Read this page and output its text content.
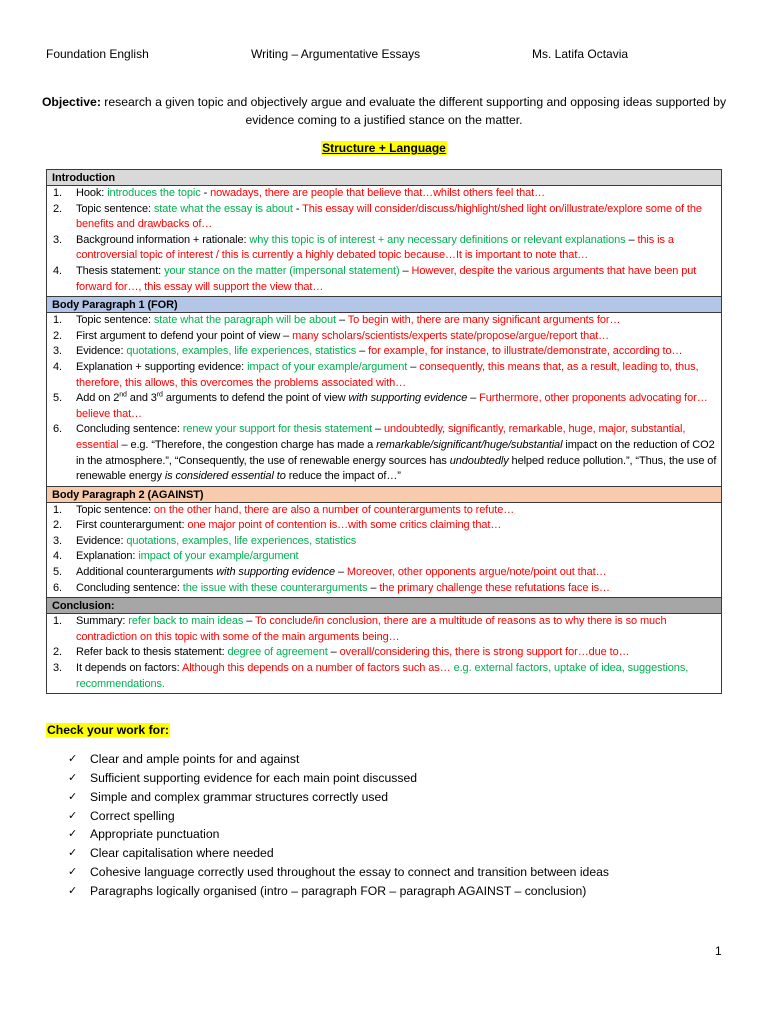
Foundation English	Writing – Argumentative Essays	Ms. Latifa Octavia

Objective: research a given topic and objectively argue and evaluate the different supporting and opposing ideas supported by evidence coming to a justified stance on the matter.

Structure + Language
Introduction
1.	Hook: introduces the topic - nowadays, there are people that believe that…whilst others feel that…
2.	Topic sentence: state what the essay is about - This essay will consider/discuss/highlight/shed light on/illustrate/explore some of the benefits and drawbacks of…
3.	Background information + rationale: why this topic is of interest + any necessary definitions or relevant explanations – this is a controversial topic of interest / this is currently a highly debated topic because…It is important to note that…
4.	Thesis statement: your stance on the matter (impersonal statement) – However, despite the various arguments that have been put forward for…, this essay will support the view that…
Body Paragraph 1 (FOR)
1.	Topic sentence: state what the paragraph will be about – To begin with, there are many significant arguments for…
2.	First argument to defend your point of view – many scholars/scientists/experts state/propose/argue/report that…
3.	Evidence: quotations, examples, life experiences, statistics – for example, for instance, to illustrate/demonstrate, according to…
4.	Explanation + supporting evidence: impact of your example/argument – consequently, this means that, as a result, leading to, thus, therefore, this allows, this overcomes the problems associated with…
5.	Add on 2nd and 3rd arguments to defend the point of view with supporting evidence – Furthermore, other proponents advocating for…believe that…
6.	Concluding sentence: renew your support for thesis statement – undoubtedly, significantly, remarkable, huge, major, substantial, essential – e.g. “Therefore, the congestion charge has made a remarkable/significant/huge/substantial impact on the reduction of CO2 in the atmosphere.”, “Consequently, the use of renewable energy sources has undoubtedly helped reduce pollution.”, “Thus, the use of renewable energy is considered essential to reduce the impact of…”
Body Paragraph 2 (AGAINST)
1.	Topic sentence: on the other hand, there are also a number of counterarguments to refute…
2.	First counterargument: one major point of contention is…with some critics claiming that…
3.	Evidence: quotations, examples, life experiences, statistics
4.	Explanation: impact of your example/argument
5.	Additional counterarguments with supporting evidence – Moreover, other opponents argue/note/point out that…
6.	Concluding sentence: the issue with these counterarguments – the primary challenge these refutations face is…
Conclusion:
1.	Summary: refer back to main ideas – To conclude/in conclusion, there are a multitude of reasons as to why there is so much contradiction on this topic with some of the main arguments being…
2.	Refer back to thesis statement: degree of agreement – overall/considering this, there is strong support for…due to…
3.	It depends on factors: Although this depends on a number of factors such as… e.g. external factors, uptake of idea, suggestions, recommendations.
Check your work for:
✓
Clear and ample points for and against
✓
Sufficient supporting evidence for each main point discussed
✓
Simple and complex grammar structures correctly used
✓
Correct spelling
✓
Appropriate punctuation
✓
Clear capitalisation where needed
✓
Cohesive language correctly used throughout the essay to connect and transition between ideas
✓
Paragraphs logically organised (intro – paragraph FOR – paragraph AGAINST – conclusion)
1
